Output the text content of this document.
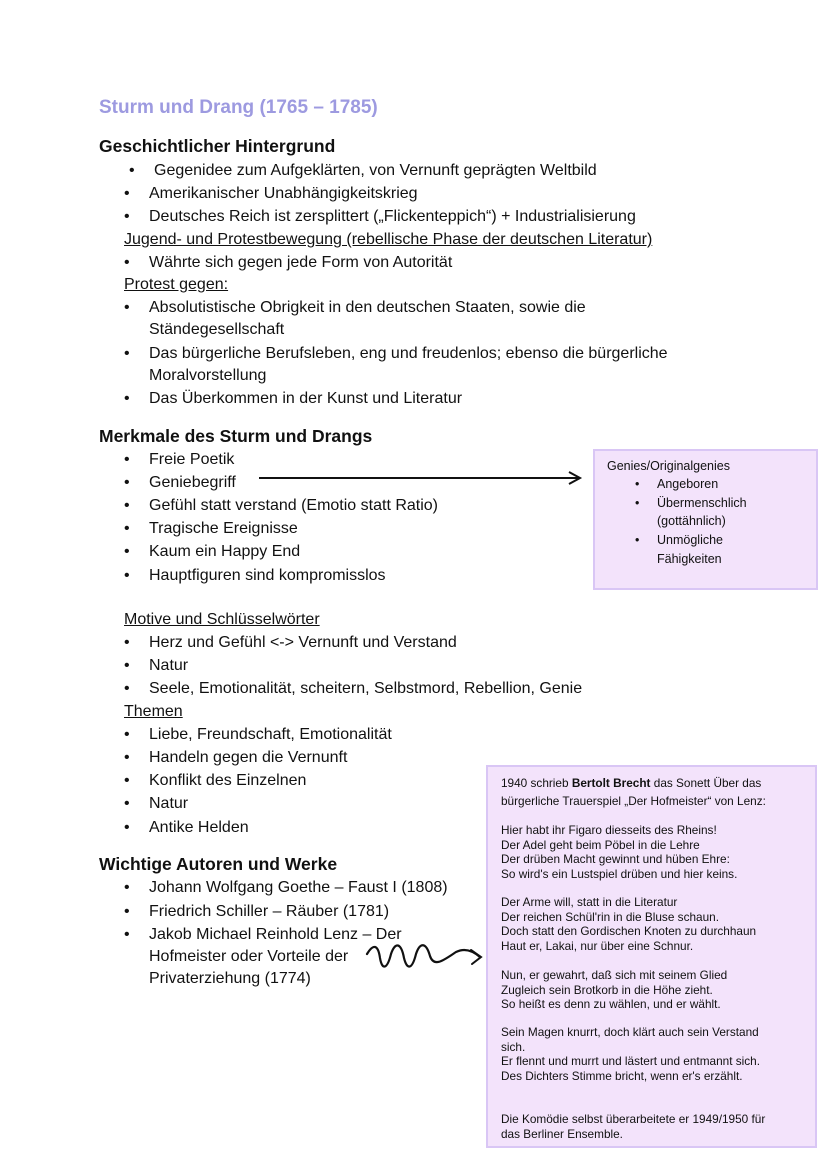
Sturm und Drang (1765 – 1785)
Geschichtlicher Hintergrund
• Gegenidee zum Aufgeklärten, von Vernunft geprägten Weltbild
• Amerikanischer Unabhängigkeitskrieg
• Deutsches Reich ist zersplittert („Flickenteppich“) + Industrialisierung
Jugend- und Protestbewegung (rebellische Phase der deutschen Literatur)
• Währte sich gegen jede Form von Autorität
Protest gegen:
• Absolutistische Obrigkeit in den deutschen Staaten, sowie die
Ständegesellschaft
• Das bürgerliche Berufsleben, eng und freudenlos; ebenso die bürgerliche
Moralvorstellung
• Das Überkommen in der Kunst und Literatur
Merkmale des Sturm und Drangs
• Freie Poetik
• Geniebegriff
• Gefühl statt verstand (Emotio statt Ratio)
• Tragische Ereignisse
• Kaum ein Happy End
• Hauptfiguren sind kompromisslos
Genies/Originalgenies
• Angeboren
• Übermenschlich
(gottähnlich)
• Unmögliche
Fähigkeiten
Motive und Schlüsselwörter
• Herz und Gefühl <-> Vernunft und Verstand
• Natur
• Seele, Emotionalität, scheitern, Selbstmord, Rebellion, Genie
Themen
• Liebe, Freundschaft, Emotionalität
• Handeln gegen die Vernunft
• Konflikt des Einzelnen
• Natur
• Antike Helden
Wichtige Autoren und Werke
• Johann Wolfgang Goethe – Faust I (1808)
• Friedrich Schiller – Räuber (1781)
• Jakob Michael Reinhold Lenz – Der
Hofmeister oder Vorteile der
Privaterziehung (1774)
1940 schrieb Bertolt Brecht das Sonett Über das
bürgerliche Trauerspiel „Der Hofmeister“ von Lenz:
Hier habt ihr Figaro diesseits des Rheins!
Der Adel geht beim Pöbel in die Lehre
Der drüben Macht gewinnt und hüben Ehre:
So wird's ein Lustspiel drüben und hier keins.
Der Arme will, statt in die Literatur
Der reichen Schül'rin in die Bluse schaun.
Doch statt den Gordischen Knoten zu durchhaun
Haut er, Lakai, nur über eine Schnur.
Nun, er gewahrt, daß sich mit seinem Glied
Zugleich sein Brotkorb in die Höhe zieht.
So heißt es denn zu wählen, und er wählt.
Sein Magen knurrt, doch klärt auch sein Verstand
sich.
Er flennt und murrt und lästert und entmannt sich.
Des Dichters Stimme bricht, wenn er's erzählt.
Die Komödie selbst überarbeitete er 1949/1950 für
das Berliner Ensemble.
